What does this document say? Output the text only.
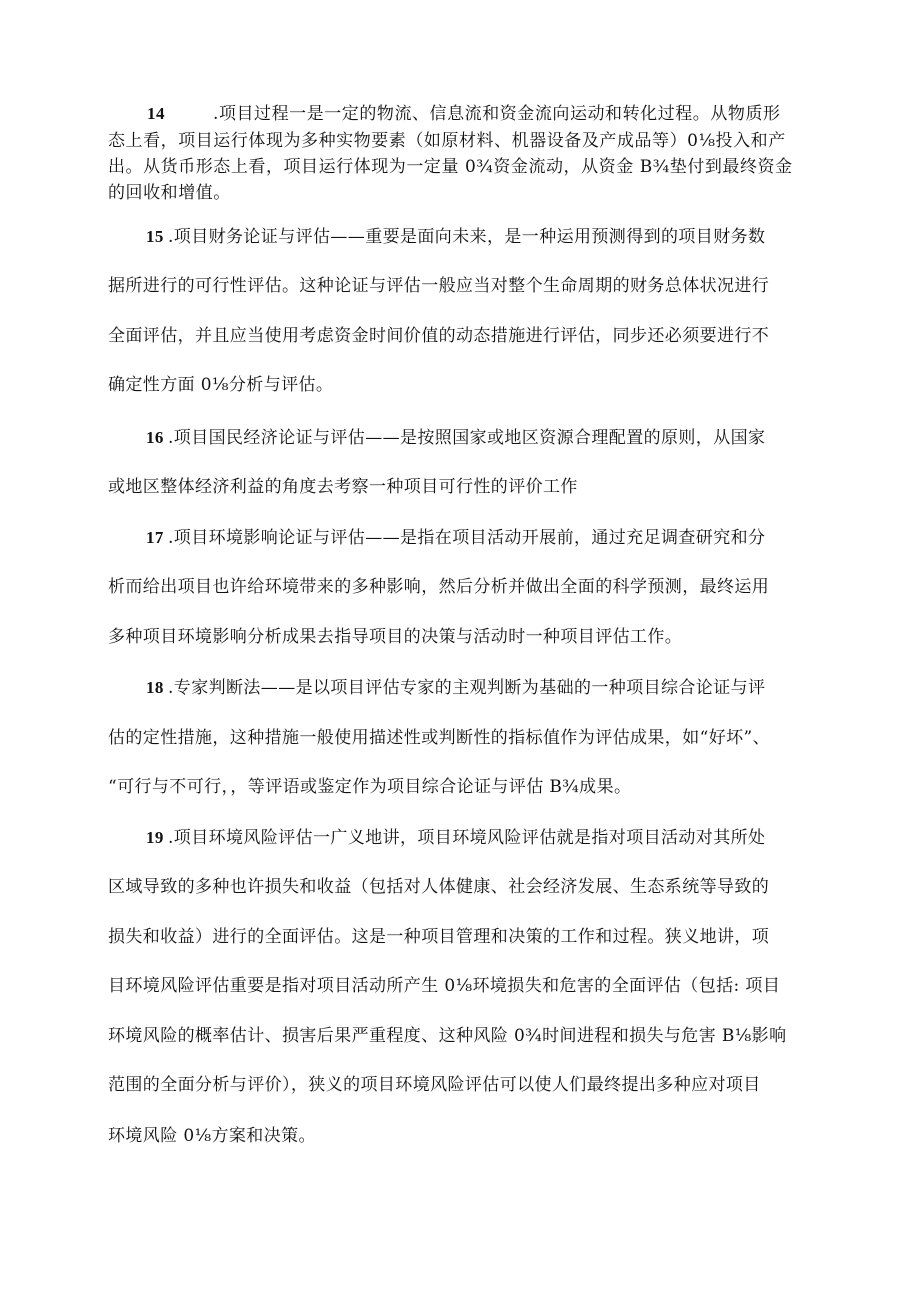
14	.项目过程一是一定的物流、信息流和资金流向运动和转化过程。从物质形
态上看，项目运行体现为多种实物要素（如原材料、机器设备及产成品等）0⅛投入和产
出。从货币形态上看，项目运行体现为一定量 0¾资金流动，从资金 B¾垫付到最终资金
的回收和增值。
15 .项目财务论证与评估——重要是面向未来，是一种运用预测得到的项目财务数
据所进行的可行性评估。这种论证与评估一般应当对整个生命周期的财务总体状况进行
全面评估，并且应当使用考虑资金时间价值的动态措施进行评估，同步还必须要进行不
确定性方面 0⅛分析与评估。
16 .项目国民经济论证与评估——是按照国家或地区资源合理配置的原则，从国家
或地区整体经济利益的角度去考察一种项目可行性的评价工作
17 .项目环境影响论证与评估——是指在项目活动开展前，通过充足调查研究和分
析而给出项目也许给环境带来的多种影响，然后分析并做出全面的科学预测，最终运用
多种项目环境影响分析成果去指导项目的决策与活动时一种项目评估工作。
18 .专家判断法——是以项目评估专家的主观判断为基础的一种项目综合论证与评
估的定性措施，这种措施一般使用描述性或判断性的指标值作为评估成果，如“好坏”、
“可行与不可行，，等评语或鉴定作为项目综合论证与评估 B¾成果。
19 .项目环境风险评估一广义地讲，项目环境风险评估就是指对项目活动对其所处
区域导致的多种也许损失和收益（包括对人体健康、社会经济发展、生态系统等导致的
损失和收益）进行的全面评估。这是一种项目管理和决策的工作和过程。狭义地讲，项
目环境风险评估重要是指对项目活动所产生 0⅛环境损失和危害的全面评估（包括: 项目
环境风险的概率估计、损害后果严重程度、这种风险 0¾时间进程和损失与危害 B⅛影响
范围的全面分析与评价），狭义的项目环境风险评估可以使人们最终提出多种应对项目
环境风险 0⅛方案和决策。
